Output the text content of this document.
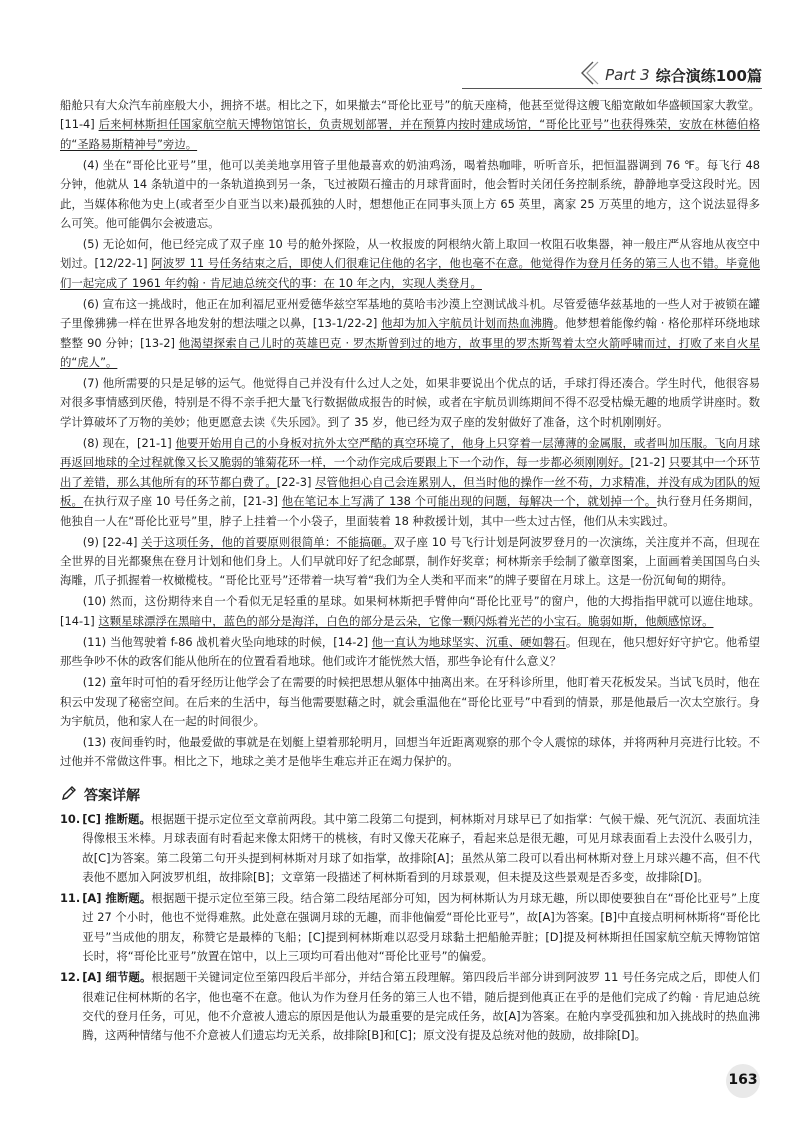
Part 3 综合演练100篇

船舱只有大众汽车前座般大小，拥挤不堪。相比之下，如果撤去“哥伦比亚号”的航天座椅，他甚至觉得这艘飞船宽敞如华盛顿国家大教堂。[11-4] 后来柯林斯担任国家航空航天博物馆馆长，负责规划部署，并在预算内按时建成场馆，“哥伦比亚号”也获得殊荣，安放在林德伯格的“圣路易斯精神号”旁边。

(4) 坐在“哥伦比亚号”里，他可以美美地享用管子里他最喜欢的奶油鸡汤，喝着热咖啡，听听音乐，把恒温器调到 76 ℉。每飞行 48 分钟，他就从 14 条轨道中的一条轨道换到另一条，飞过被陨石撞击的月球背面时，他会暂时关闭任务控制系统，静静地享受这段时光。因此，当媒体称他为史上(或者至少自亚当以来)最孤独的人时，想想他正在同事头顶上方 65 英里，离家 25 万英里的地方，这个说法显得多么可笑。他可能偶尔会被遗忘。

(5) 无论如何，他已经完成了双子座 10 号的舱外探险，从一枚报废的阿根纳火箭上取回一枚阻石收集器，神一般庄严从容地从夜空中划过。[12/22-1] 阿波罗 11 号任务结束之后，即使人们很难记住他的名字，他也毫不在意。他觉得作为登月任务的第三人也不错。毕竟他们一起完成了 1961 年约翰 · 肯尼迪总统交代的事：在 10 年之内，实现人类登月。

(6) 宣布这一挑战时，他正在加利福尼亚州爱德华兹空军基地的莫哈韦沙漠上空测试战斗机。尽管爱德华兹基地的一些人对于被锁在罐子里像狒狒一样在世界各地发射的想法嗤之以鼻，[13-1/22-2] 他却为加入宇航员计划而热血沸腾。他梦想着能像约翰 · 格伦那样环绕地球整整 90 分钟；[13-2] 他渴望探索自己儿时的英雄巴克 · 罗杰斯曾到过的地方，故事里的罗杰斯驾着太空火箭呼啸而过，打败了来自火星的“虎人”。

(7) 他所需要的只是足够的运气。他觉得自己并没有什么过人之处，如果非要说出个优点的话，手球打得还凑合。学生时代，他很容易对很多事情感到厌倦，特别是不得不亲手把大量飞行数据做成报告的时候，或者在宇航员训练期间不得不忍受枯燥无趣的地质学讲座时。数学计算破坏了万物的美妙；他更愿意去读《失乐园》。到了 35 岁，他已经为双子座的发射做好了准备，这个时机刚刚好。

(8) 现在，[21-1] 他要开始用自己的小身板对抗外太空严酷的真空环境了，他身上只穿着一层薄薄的金属服，或者叫加压服。飞向月球再返回地球的全过程就像又长又脆弱的雏菊花环一样，一个动作完成后要跟上下一个动作，每一步都必须刚刚好。[21-2] 只要其中一个环节出了差错，那么其他所有的环节都白费了。[22-3] 尽管他担心自己会连累别人，但当时他的操作一丝不苟，力求精准，并没有成为团队的短板。在执行双子座 10 号任务之前，[21-3] 他在笔记本上写满了 138 个可能出现的问题，每解决一个，就划掉一个。执行登月任务期间，他独自一人在“哥伦比亚号”里，脖子上挂着一个小袋子，里面装着 18 种救援计划，其中一些太过古怪，他们从未实践过。

(9) [22-4] 关于这项任务，他的首要原则很简单：不能搞砸。双子座 10 号飞行计划是阿波罗登月的一次演练，关注度并不高，但现在全世界的目光都聚焦在登月计划和他们身上。人们早就印好了纪念邮票，制作好奖章；柯林斯亲手绘制了徽章图案，上面画着美国国鸟白头海雕，爪子抓握着一枚橄榄枝。“哥伦比亚号”还带着一块写着“我们为全人类和平而来”的牌子要留在月球上。这是一份沉甸甸的期待。

(10) 然而，这份期待来自一个看似无足轻重的星球。如果柯林斯把手臂伸向“哥伦比亚号”的窗户，他的大拇指指甲就可以遮住地球。[14-1] 这颗星球漂浮在黑暗中，蓝色的部分是海洋，白色的部分是云朵，它像一颗闪烁着光芒的小宝石。脆弱如斯，他颇感惊讶。

(11) 当他驾驶着 f-86 战机着火坠向地球的时候，[14-2] 他一直认为地球坚实、沉重、硬如磐石。但现在，他只想好好守护它。他希望那些争吵不休的政客们能从他所在的位置看看地球。他们或许才能恍然大悟，那些争论有什么意义？

(12) 童年时可怕的看牙经历让他学会了在需要的时候把思想从躯体中抽离出来。在牙科诊所里，他盯着天花板发呆。当试飞员时，他在积云中发现了秘密空间。在后来的生活中，每当他需要慰藉之时，就会重温他在“哥伦比亚号”中看到的情景，那是他最后一次太空旅行。身为宇航员，他和家人在一起的时间很少。

(13) 夜间垂钓时，他最爱做的事就是在划艇上望着那轮明月，回想当年近距离观察的那个令人震惊的球体，并将两种月亮进行比较。不过他并不常做这件事。相比之下，地球之美才是他毕生难忘并正在竭力保护的。

答案详解
10. [C] 推断题。根据题干提示定位至文章前两段。其中第二段第二句提到，柯林斯对月球早已了如指掌：气候干燥、死气沉沉、表面坑洼得像根玉米棒。月球表面有时看起来像太阳烤干的桃核，有时又像天花麻子，看起来总是很无趣，可见月球表面看上去没什么吸引力，故[C]为答案。第二段第二句开头提到柯林斯对月球了如指掌，故排除[A]；虽然从第二段可以看出柯林斯对登上月球兴趣不高，但不代表他不愿加入阿波罗机组，故排除[B]；文章第一段描述了柯林斯看到的月球景观，但未提及这些景观是否多变，故排除[D]。
11. [A] 推断题。根据题干提示定位至第三段。结合第二段结尾部分可知，因为柯林斯认为月球无趣，所以即使要独自在“哥伦比亚号”上度过 27 个小时，他也不觉得难熬。此处意在强调月球的无趣，而非他偏爱“哥伦比亚号”，故[A]为答案。[B]中直接点明柯林斯将“哥伦比亚号”当成他的朋友，称赞它是最棒的飞船；[C]提到柯林斯难以忍受月球黏土把船舱弄脏；[D]提及柯林斯担任国家航空航天博物馆馆长时，将“哥伦比亚号”放置在馆中，以上三项均可看出他对“哥伦比亚号”的偏爱。
12. [A] 细节题。根据题干关键词定位至第四段后半部分，并结合第五段理解。第四段后半部分讲到阿波罗 11 号任务完成之后，即使人们很难记住柯林斯的名字，他也毫不在意。他认为作为登月任务的第三人也不错，随后提到他真正在乎的是他们完成了约翰 · 肯尼迪总统交代的登月任务，可见，他不介意被人遗忘的原因是他认为最重要的是完成任务，故[A]为答案。在舱内享受孤独和加入挑战时的热血沸腾，这两种情绪与他不介意被人们遗忘均无关系，故排除[B]和[C]；原文没有提及总统对他的鼓励，故排除[D]。
163
